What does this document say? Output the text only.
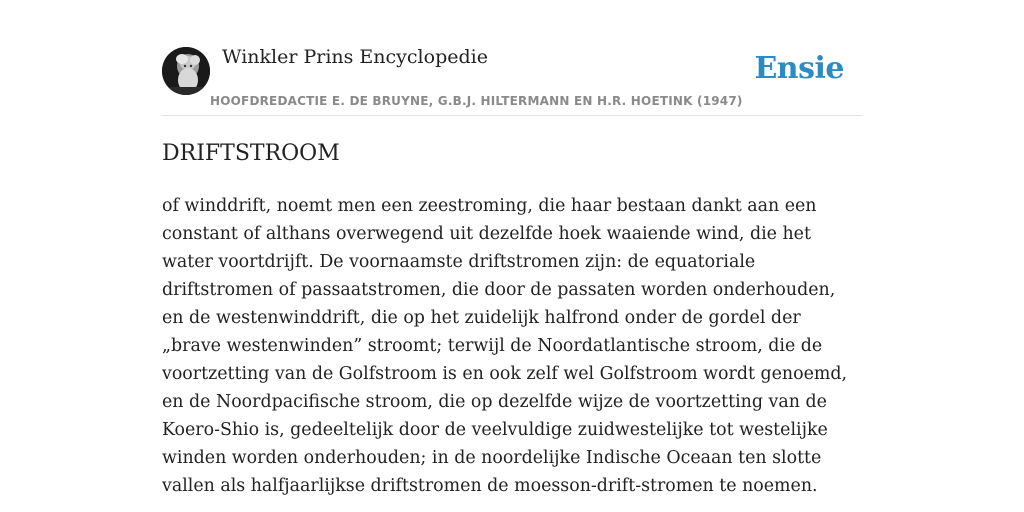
Winkler Prins Encyclopedie
HOOFDREDACTIE E. DE BRUYNE, G.B.J. HILTERMANN EN H.R. HOETINK (1947)
Ensie
DRIFTSTROOM

of winddrift, noemt men een zeestroming, die haar bestaan dankt aan een constant of althans overwegend uit dezelfde hoek waaiende wind, die het water voortdrijft. De voornaamste driftstromen zijn: de equatoriale driftstromen of passaatstromen, die door de passaten worden onderhouden, en de westenwinddrift, die op het zuidelijk halfrond onder de gordel der „brave westenwinden” stroomt; terwijl de Noordatlantische stroom, die de voortzetting van de Golfstroom is en ook zelf wel Golfstroom wordt genoemd, en de Noordpacifische stroom, die op dezelfde wijze de voortzetting van de Koero-Shio is, gedeeltelijk door de veelvuldige zuidwestelijke tot westelijke winden worden onderhouden; in de noordelijke Indische Oceaan ten slotte vallen als halfjaarlijkse driftstromen de moesson-drift-stromen te noemen.
